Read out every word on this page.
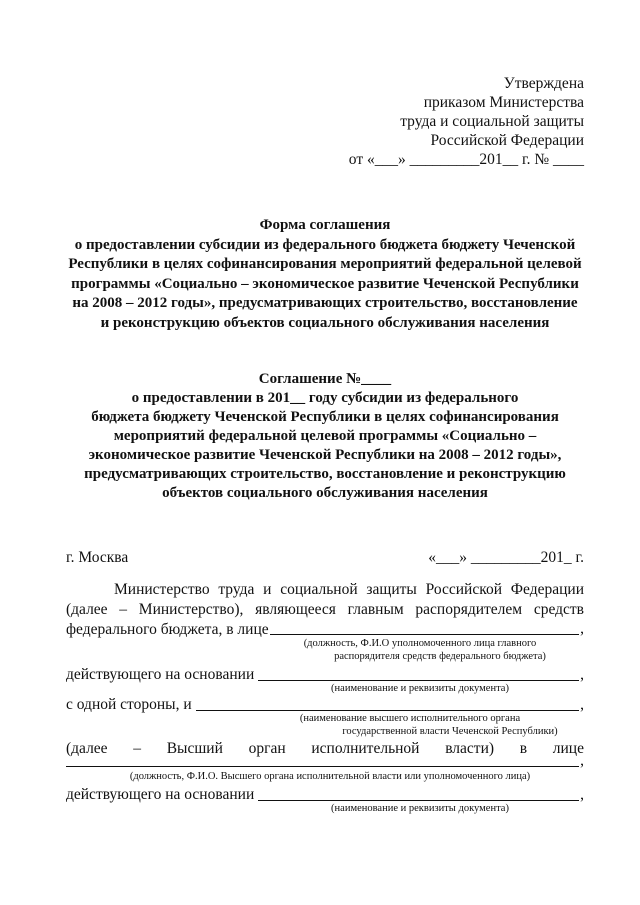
Утверждена
приказом Министерства
труда и социальной защиты
Российской Федерации
от «___» _________201__ г. № ____
Форма соглашения
о предоставлении субсидии из федерального бюджета бюджету Чеченской
Республики в целях софинансирования мероприятий федеральной целевой
программы «Социально – экономическое развитие Чеченской Республики
на 2008 – 2012 годы», предусматривающих строительство, восстановление
и реконструкцию объектов социального обслуживания населения
Соглашение №____
о предоставлении в 201__ году субсидии из федерального
бюджета бюджету Чеченской Республики в целях софинансирования
мероприятий федеральной целевой программы «Социально –
экономическое развитие Чеченской Республики на 2008 – 2012 годы»,
предусматривающих строительство, восстановление и реконструкцию
объектов социального обслуживания населения
г. Москва	«___» _________201_ г.
Министерство труда и социальной защиты Российской Федерации (далее – Министерство), являющееся главным распорядителем средств федерального бюджета, в лице	,
(должность, Ф.И.О уполномоченного лица главного
распорядителя средств федерального бюджета)
действующего на основании	,
(наименование и реквизиты документа)
с одной стороны, и	,
(наименование высшего исполнительного органа
государственной власти Чеченской Республики)
(далее – Высший орган исполнительной власти) в лице
,
(должность, Ф.И.О. Высшего органа исполнительной власти или уполномоченного лица)
действующего на основании	,
(наименование и реквизиты документа)
